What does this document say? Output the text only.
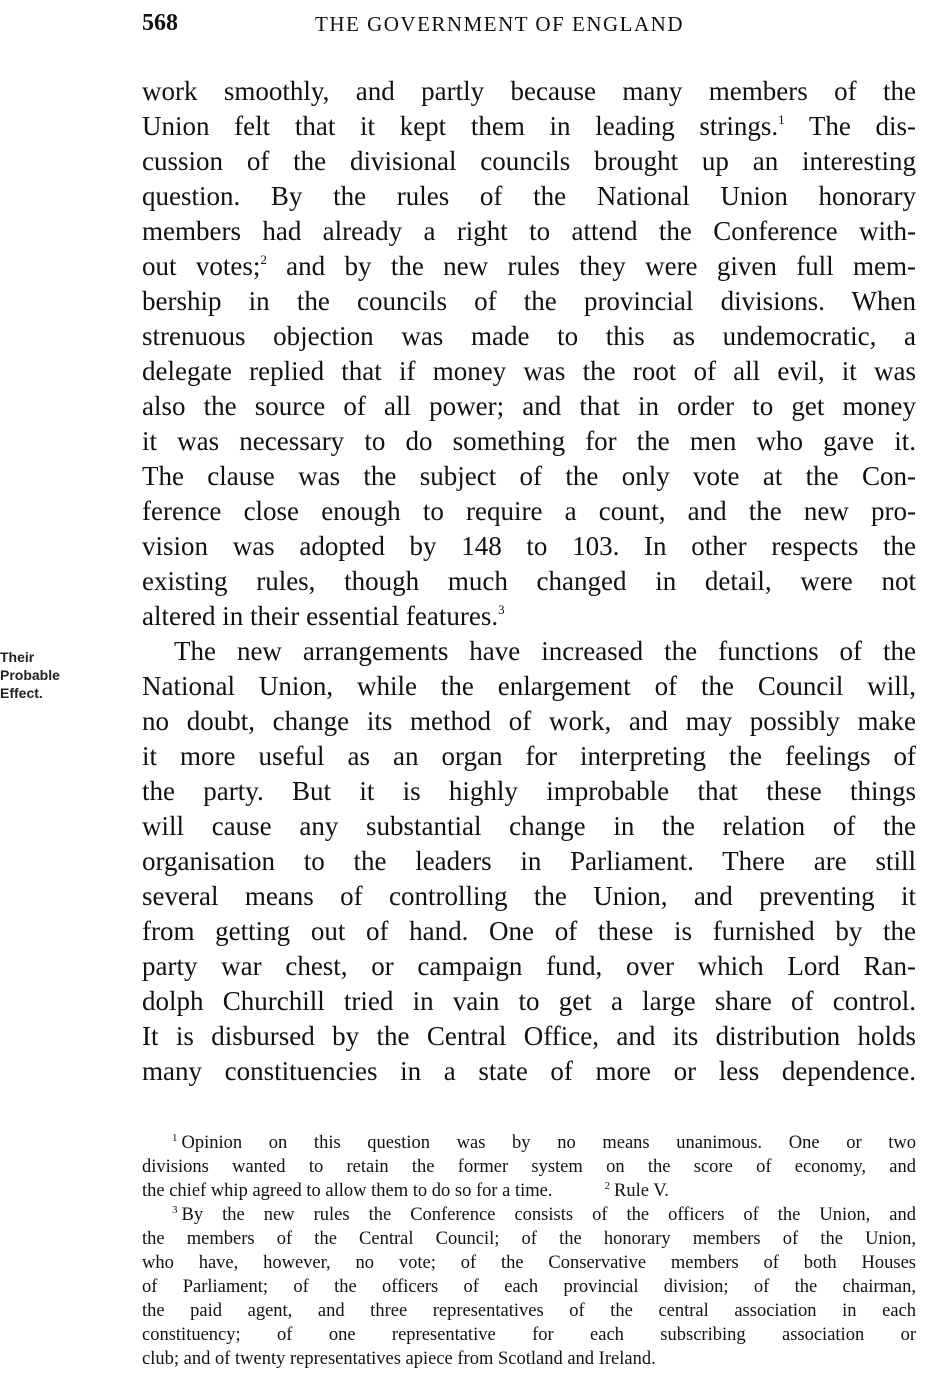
568	THE GOVERNMENT OF ENGLAND
Their
Probable
Effect.
work smoothly, and partly because many members of the
Union felt that it kept them in leading strings.$^1$ The dis-
cussion of the divisional councils brought up an interesting
question. By the rules of the National Union honorary
members had already a right to attend the Conference with-
out votes;$^2$ and by the new rules they were given full mem-
bership in the councils of the provincial divisions. When
strenuous objection was made to this as undemocratic, a
delegate replied that if money was the root of all evil, it was
also the source of all power; and that in order to get money
it was necessary to do something for the men who gave it.
The clause was the subject of the only vote at the Con-
ference close enough to require a count, and the new pro-
vision was adopted by 148 to 103. In other respects the
existing rules, though much changed in detail, were not
altered in their essential features.$^3$
The new arrangements have increased the functions of the
National Union, while the enlargement of the Council will,
no doubt, change its method of work, and may possibly make
it more useful as an organ for interpreting the feelings of
the party. But it is highly improbable that these things
will cause any substantial change in the relation of the
organisation to the leaders in Parliament. There are still
several means of controlling the Union, and preventing it
from getting out of hand. One of these is furnished by the
party war chest, or campaign fund, over which Lord Ran-
dolph Churchill tried in vain to get a large share of control.
It is disbursed by the Central Office, and its distribution holds
many constituencies in a state of more or less dependence.
$^1$ Opinion on this question was by no means unanimous. One or two
divisions wanted to retain the former system on the score of economy, and
the chief whip agreed to allow them to do so for a time.	$^2$ Rule V.
$^3$ By the new rules the Conference consists of the officers of the Union, and
the members of the Central Council; of the honorary members of the Union,
who have, however, no vote; of the Conservative members of both Houses
of Parliament; of the officers of each provincial division; of the chairman,
the paid agent, and three representatives of the central association in each
constituency; of one representative for each subscribing association or
club; and of twenty representatives apiece from Scotland and Ireland.
